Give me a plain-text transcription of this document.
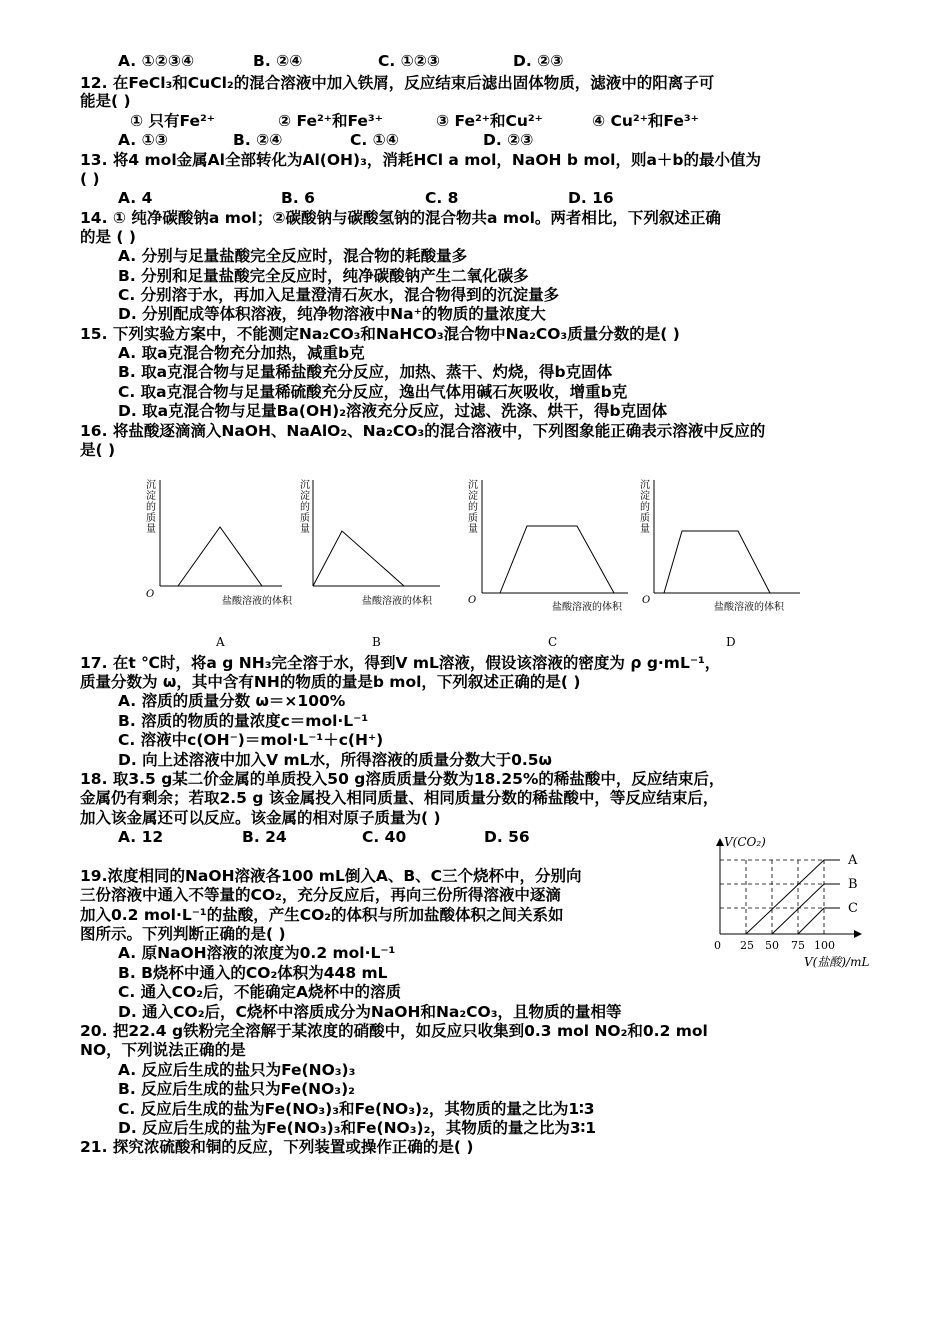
A. ①②③④	B. ②④	C. ①②③	D. ②③
12. 在FeCl₃和CuCl₂的混合溶液中加入铁屑，反应结束后滤出固体物质，滤液中的阳离子可
能是( )
① 只有Fe²⁺	② Fe²⁺和Fe³⁺	③ Fe²⁺和Cu²⁺	④ Cu²⁺和Fe³⁺
A. ①③	B. ②④	C. ①④	D. ②③
13. 将4 mol金属Al全部转化为Al(OH)₃，消耗HCl a mol，NaOH b mol，则a＋b的最小值为
( )
A. 4	B. 6	C. 8	D. 16
14. ① 纯净碳酸钠a mol；②碳酸钠与碳酸氢钠的混合物共a mol。两者相比，下列叙述正确
的是 ( )
A. 分别与足量盐酸完全反应时，混合物的耗酸量多
B. 分别和足量盐酸完全反应时，纯净碳酸钠产生二氧化碳多
C. 分别溶于水，再加入足量澄清石灰水，混合物得到的沉淀量多
D. 分别配成等体积溶液，纯净物溶液中Na⁺的物质的量浓度大
15. 下列实验方案中，不能测定Na₂CO₃和NaHCO₃混合物中Na₂CO₃质量分数的是( )
A. 取a克混合物充分加热，减重b克
B. 取a克混合物与足量稀盐酸充分反应，加热、蒸干、灼烧，得b克固体
C. 取a克混合物与足量稀硫酸充分反应，逸出气体用碱石灰吸收，增重b克
D. 取a克混合物与足量Ba(OH)₂溶液充分反应，过滤、洗涤、烘干，得b克固体
16. 将盐酸逐滴滴入NaOH、NaAlO₂、Na₂CO₃的混合溶液中，下列图象能正确表示溶液中反应的
是( )
沉
淀
的
质
量
O
盐酸溶液的体积
A
沉
淀
的
质
量
盐酸溶液的体积
B
沉
淀
的
质
量
O
盐酸溶液的体积
C
沉
淀
的
质
量
O
盐酸溶液的体积
D
17. 在t ℃时，将a g NH₃完全溶于水，得到V mL溶液，假设该溶液的密度为 ρ g·mL⁻¹，
质量分数为 ω，其中含有NH的物质的量是b mol，下列叙述正确的是( )
A. 溶质的质量分数 ω＝×100%
B. 溶质的物质的量浓度c＝mol·L⁻¹
C. 溶液中c(OH⁻)＝mol·L⁻¹＋c(H⁺)
D. 向上述溶液中加入V mL水，所得溶液的质量分数大于0.5ω
18. 取3.5 g某二价金属的单质投入50 g溶质质量分数为18.25%的稀盐酸中，反应结束后，
金属仍有剩余；若取2.5 g 该金属投入相同质量、相同质量分数的稀盐酸中，等反应结束后，
加入该金属还可以反应。该金属的相对原子质量为( )
A. 12	B. 24	C. 40	D. 56
19.浓度相同的NaOH溶液各100 mL倒入A、B、C三个烧杯中，分别向
三份溶液中通入不等量的CO₂，充分反应后，再向三份所得溶液中逐滴
加入0.2 mol·L⁻¹的盐酸，产生CO₂的体积与所加盐酸体积之间关系如
图所示。下列判断正确的是( )
A. 原NaOH溶液的浓度为0.2 mol·L⁻¹
B. B烧杯中通入的CO₂体积为448 mL
C. 通入CO₂后，不能确定A烧杯中的溶质
D. 通入CO₂后，C烧杯中溶质成分为NaOH和Na₂CO₃，且物质的量相等
A
B
C
V(CO₂)
0 25 50 75 100
V(盐酸)/mL
20. 把22.4 g铁粉完全溶解于某浓度的硝酸中，如反应只收集到0.3 mol NO₂和0.2 mol
NO，下列说法正确的是
A. 反应后生成的盐只为Fe(NO₃)₃
B. 反应后生成的盐只为Fe(NO₃)₂
C. 反应后生成的盐为Fe(NO₃)₃和Fe(NO₃)₂，其物质的量之比为1∶3
D. 反应后生成的盐为Fe(NO₃)₃和Fe(NO₃)₂，其物质的量之比为3∶1
21. 探究浓硫酸和铜的反应，下列装置或操作正确的是( )
